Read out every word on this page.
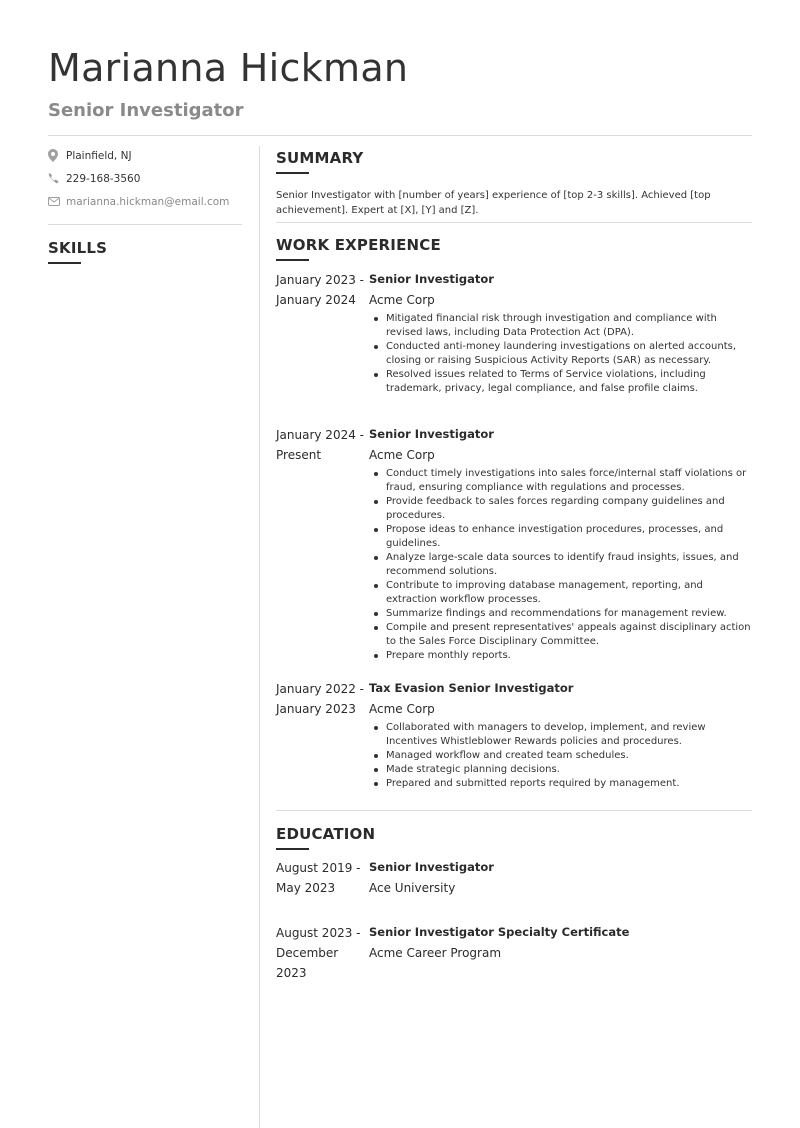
Marianna Hickman
Senior Investigator
Plainfield, NJ
229-168-3560
marianna.hickman@email.com
SKILLS
SUMMARY
Senior Investigator with [number of years] experience of [top 2-3 skills]. Achieved [top achievement]. Expert at [X], [Y] and [Z].
WORK EXPERIENCE
January 2023 -
January 2024
Senior Investigator
Acme Corp
Mitigated financial risk through investigation and compliance with revised laws, including Data Protection Act (DPA).
Conducted anti-money laundering investigations on alerted accounts, closing or raising Suspicious Activity Reports (SAR) as necessary.
Resolved issues related to Terms of Service violations, including trademark, privacy, legal compliance, and false profile claims.
January 2024 -
Present
Senior Investigator
Acme Corp
Conduct timely investigations into sales force/internal staff violations or fraud, ensuring compliance with regulations and processes.
Provide feedback to sales forces regarding company guidelines and procedures.
Propose ideas to enhance investigation procedures, processes, and guidelines.
Analyze large-scale data sources to identify fraud insights, issues, and recommend solutions.
Contribute to improving database management, reporting, and extraction workflow processes.
Summarize findings and recommendations for management review.
Compile and present representatives' appeals against disciplinary action to the Sales Force Disciplinary Committee.
Prepare monthly reports.
January 2022 -
January 2023
Tax Evasion Senior Investigator
Acme Corp
Collaborated with managers to develop, implement, and review Incentives Whistleblower Rewards policies and procedures.
Managed workflow and created team schedules.
Made strategic planning decisions.
Prepared and submitted reports required by management.
EDUCATION
August 2019 -
May 2023
Senior Investigator
Ace University
August 2023 -
December 2023
Senior Investigator Specialty Certificate
Acme Career Program
